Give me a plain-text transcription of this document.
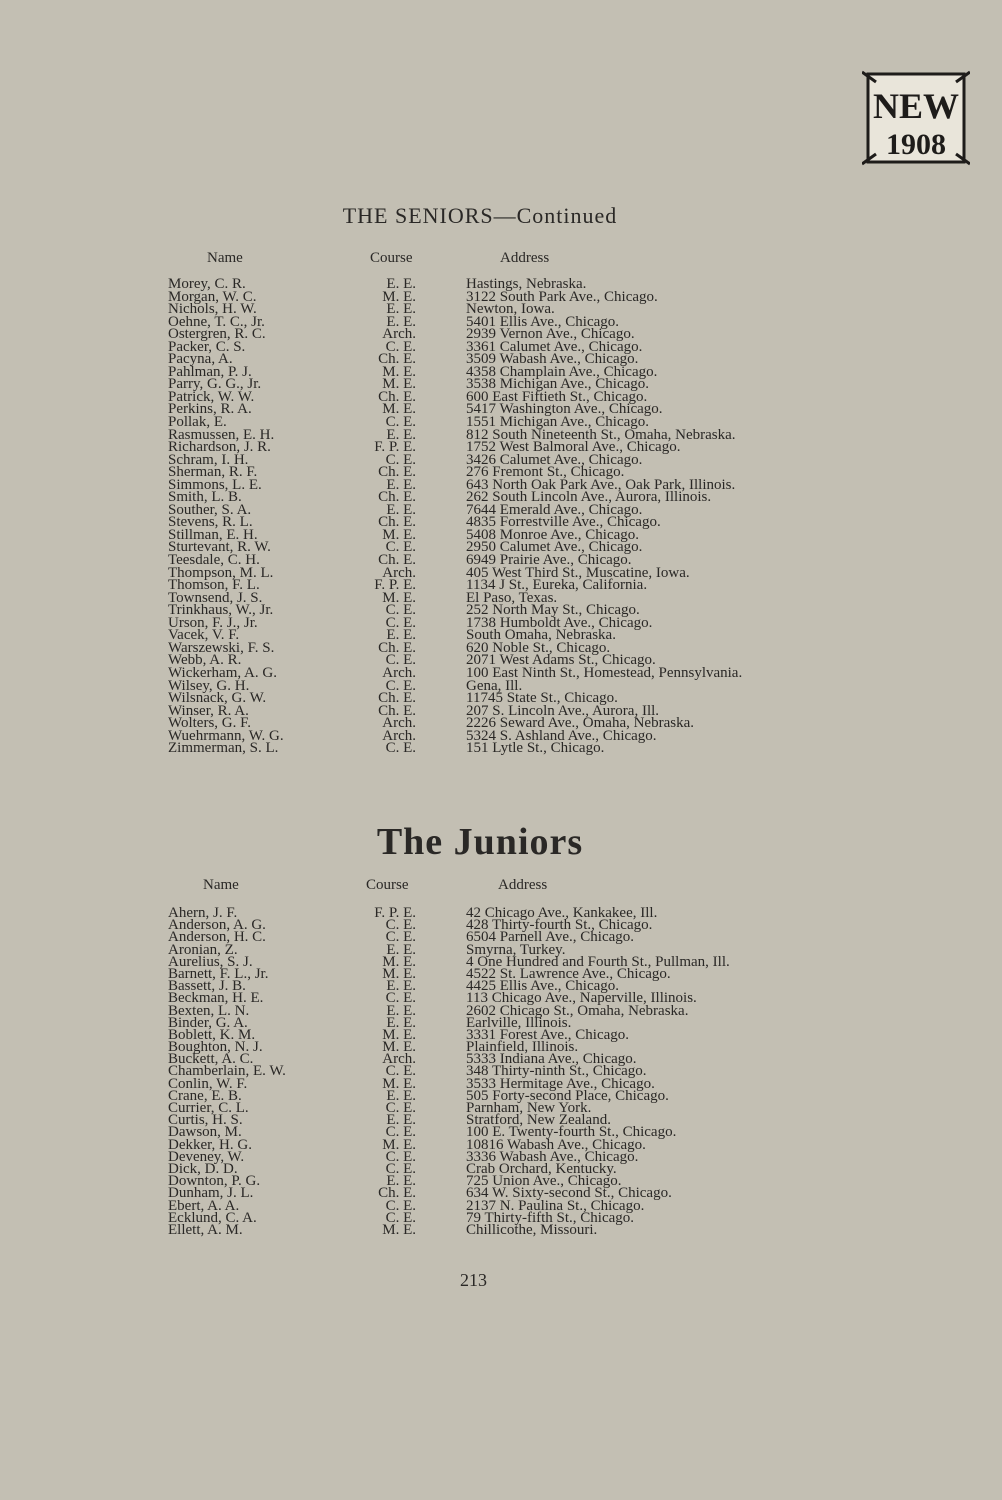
NEW
1908
THE SENIORS—Continued
Name	Course	Address
Morey, C. R.	E. E.	Hastings, Nebraska.
Morgan, W. C.	M. E.	3122 South Park Ave., Chicago.
Nichols, H. W.	E. E.	Newton, Iowa.
Oehne, T. C., Jr.	E. E.	5401 Ellis Ave., Chicago.
Ostergren, R. C.	Arch.	2939 Vernon Ave., Chicago.
Packer, C. S.	C. E.	3361 Calumet Ave., Chicago.
Pacyna, A.	Ch. E.	3509 Wabash Ave., Chicago.
Pahlman, P. J.	M. E.	4358 Champlain Ave., Chicago.
Parry, G. G., Jr.	M. E.	3538 Michigan Ave., Chicago.
Patrick, W. W.	Ch. E.	600 East Fiftieth St., Chicago.
Perkins, R. A.	M. E.	5417 Washington Ave., Chicago.
Pollak, E.	C. E.	1551 Michigan Ave., Chicago.
Rasmussen, E. H.	E. E.	812 South Nineteenth St., Omaha, Nebraska.
Richardson, J. R.	F. P. E.	1752 West Balmoral Ave., Chicago.
Schram, I. H.	C. E.	3426 Calumet Ave., Chicago.
Sherman, R. F.	Ch. E.	276 Fremont St., Chicago.
Simmons, L. E.	E. E.	643 North Oak Park Ave., Oak Park, Illinois.
Smith, L. B.	Ch. E.	262 South Lincoln Ave., Aurora, Illinois.
Souther, S. A.	E. E.	7644 Emerald Ave., Chicago.
Stevens, R. L.	Ch. E.	4835 Forrestville Ave., Chicago.
Stillman, E. H.	M. E.	5408 Monroe Ave., Chicago.
Sturtevant, R. W.	C. E.	2950 Calumet Ave., Chicago.
Teesdale, C. H.	Ch. E.	6949 Prairie Ave., Chicago.
Thompson, M. L.	Arch.	405 West Third St., Muscatine, Iowa.
Thomson, F. L.	F. P. E.	1134 J St., Eureka, California.
Townsend, J. S.	M. E.	El Paso, Texas.
Trinkhaus, W., Jr.	C. E.	252 North May St., Chicago.
Urson, F. J., Jr.	C. E.	1738 Humboldt Ave., Chicago.
Vacek, V. F.	E. E.	South Omaha, Nebraska.
Warszewski, F. S.	Ch. E.	620 Noble St., Chicago.
Webb, A. R.	C. E.	2071 West Adams St., Chicago.
Wickerham, A. G.	Arch.	100 East Ninth St., Homestead, Pennsylvania.
Wilsey, G. H.	C. E.	Gena, Ill.
Wilsnack, G. W.	Ch. E.	11745 State St., Chicago.
Winser, R. A.	Ch. E.	207 S. Lincoln Ave., Aurora, Ill.
Wolters, G. F.	Arch.	2226 Seward Ave., Omaha, Nebraska.
Wuehrmann, W. G.	Arch.	5324 S. Ashland Ave., Chicago.
Zimmerman, S. L.	C. E.	151 Lytle St., Chicago.
The Juniors
Name	Course	Address
Ahern, J. F.	F. P. E.	42 Chicago Ave., Kankakee, Ill.
Anderson, A. G.	C. E.	428 Thirty-fourth St., Chicago.
Anderson, H. C.	C. E.	6504 Parnell Ave., Chicago.
Aronian, Z.	E. E.	Smyrna, Turkey.
Aurelius, S. J.	M. E.	4 One Hundred and Fourth St., Pullman, Ill.
Barnett, F. L., Jr.	M. E.	4522 St. Lawrence Ave., Chicago.
Bassett, J. B.	E. E.	4425 Ellis Ave., Chicago.
Beckman, H. E.	C. E.	113 Chicago Ave., Naperville, Illinois.
Bexten, L. N.	E. E.	2602 Chicago St., Omaha, Nebraska.
Binder, G. A.	E. E.	Earlville, Illinois.
Boblett, K. M.	M. E.	3331 Forest Ave., Chicago.
Boughton, N. J.	M. E.	Plainfield, Illinois.
Buckett, A. C.	Arch.	5333 Indiana Ave., Chicago.
Chamberlain, E. W.	C. E.	348 Thirty-ninth St., Chicago.
Conlin, W. F.	M. E.	3533 Hermitage Ave., Chicago.
Crane, E. B.	E. E.	505 Forty-second Place, Chicago.
Currier, C. L.	C. E.	Parnham, New York.
Curtis, H. S.	E. E.	Stratford, New Zealand.
Dawson, M.	C. E.	100 E. Twenty-fourth St., Chicago.
Dekker, H. G.	M. E.	10816 Wabash Ave., Chicago.
Deveney, W.	C. E.	3336 Wabash Ave., Chicago.
Dick, D. D.	C. E.	Crab Orchard, Kentucky.
Downton, P. G.	E. E.	725 Union Ave., Chicago.
Dunham, J. L.	Ch. E.	634 W. Sixty-second St., Chicago.
Ebert, A. A.	C. E.	2137 N. Paulina St., Chicago.
Ecklund, C. A.	C. E.	79 Thirty-fifth St., Chicago.
Ellett, A. M.	M. E.	Chillicothe, Missouri.
213
